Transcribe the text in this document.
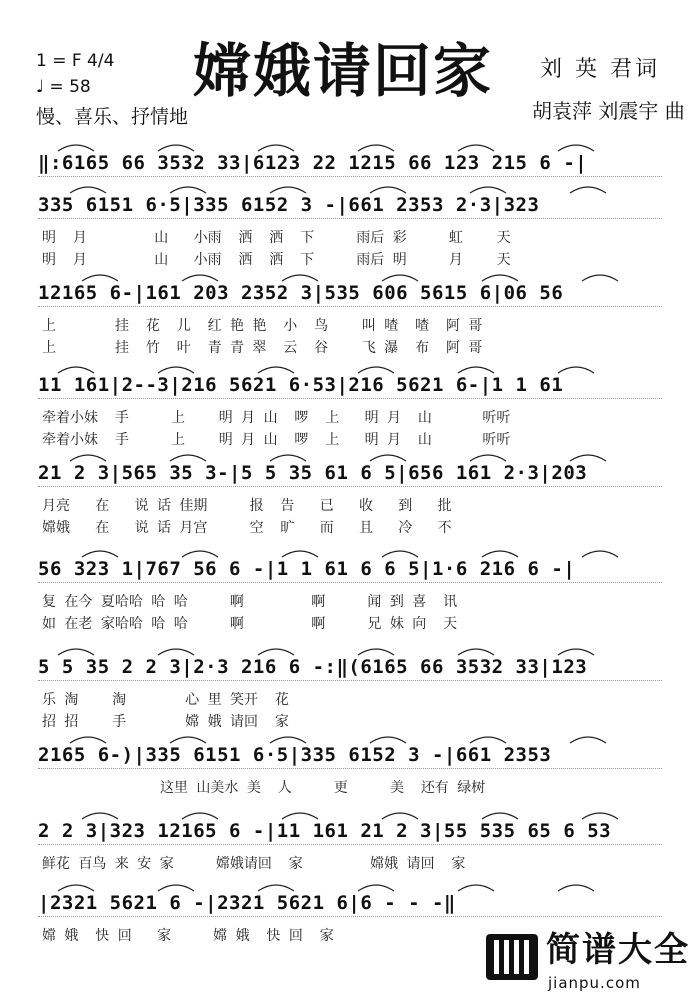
嫦娥请回家
1 = F 4/4
♩ = 58
慢、喜乐、抒情地
刘 英 君词
胡袁萍 刘震宇 曲
‖:6165 66 3532 33|6123 22 1215 66 123 215 6 -|
335 6151 6·5|335 6152 3 -|661 2353 2·3|323
明  月        山   小雨  洒  洒  下     雨后 彩     虹    天
明  月        山   小雨  洒  洒  下     雨后 明     月    天
12165 6-|161 203 2352 3|535 606 5615 6|06 56
上       挂  花  儿  红 艳 艳  小  鸟    叫 喳  喳  阿 哥
上       挂  竹  叶  青 青 翠  云  谷    飞 瀑  布  阿 哥
11 161|2--3|216 5621 6·53|216 5621 6-|1 1 61
牵着小妹  手     上    明 月 山  啰  上   明 月  山      听听
牵着小妹  手     上    明 月 山  啰  上   明 月  山      听听
21 2 3|565 35 3-|5 5 35 61 6 5|656 161 2·3|203
月亮   在   说 话 佳期     报  告   已   收   到   批
嫦娥   在   说 话 月宫     空  旷   而   且   冷   不
56 323 1|767 56 6 -|1 1 61 6 6 5|1·6 216 6 -|
复 在今 夏哈哈 哈 哈     啊        啊     闻 到 喜  讯
如 在老 家哈哈 哈 哈     啊        啊     兄 妹 向  天
5 5 35 2 2 3|2·3 216 6 -:‖(6165 66 3532 33|123
乐 淘    淘       心 里 笑开  花
招 招    手       嫦 娥 请回  家
2165 6-)|335 6151 6·5|335 6152 3 -|661 2353
这里 山美水 美  人     更     美  还有 绿树
2 2 3|323 12165 6 -|11 161 21 2 3|55 535 65 6 53
鲜花 百鸟 来 安 家     嫦娥请回  家        嫦娥 请回  家
|2321 5621 6 -|2321 5621 6|6 - - -‖
嫦 娥  快 回   家     嫦 娥  快 回  家	简谱大全
jianpu.com
